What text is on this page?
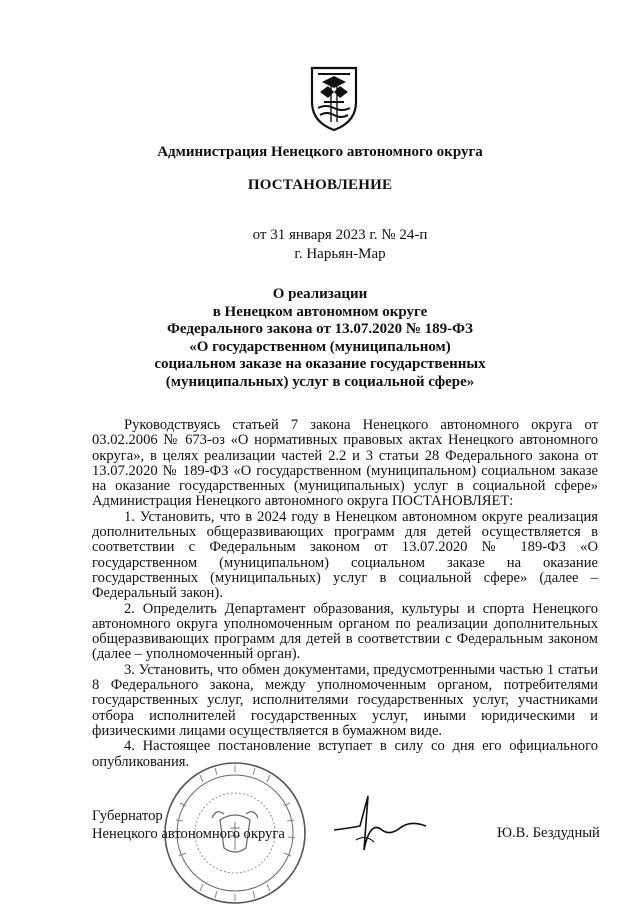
Администрация Ненецкого автономного округа
ПОСТАНОВЛЕНИЕ
от 31 января 2023 г. № 24-п
г. Нарьян-Мар
О реализации
в Ненецком автономном округе
Федерального закона от 13.07.2020 № 189-ФЗ
«О государственном (муниципальном)
социальном заказе на оказание государственных
(муниципальных) услуг в социальной сфере»

Руководствуясь статьей 7 закона Ненецкого автономного округа от 03.02.2006 № 673-оз «О нормативных правовых актах Ненецкого автономного округа», в целях реализации частей 2.2 и 3 статьи 28 Федерального закона от 13.07.2020 № 189-ФЗ «О государственном (муниципальном) социальном заказе на оказание государственных (муниципальных) услуг в социальной сфере» Администрация Ненецкого автономного округа ПОСТАНОВЛЯЕТ:

1. Установить, что в 2024 году в Ненецком автономном округе реализация дополнительных общеразвивающих программ для детей осуществляется в соответствии с Федеральным законом от 13.07.2020 № 189-ФЗ «О государственном (муниципальном) социальном заказе на оказание государственных (муниципальных) услуг в социальной сфере» (далее – Федеральный закон).

2. Определить Департамент образования, культуры и спорта Ненецкого автономного округа уполномоченным органом по реализации дополнительных общеразвивающих программ для детей в соответствии с Федеральным законом (далее – уполномоченный орган).

3. Установить, что обмен документами, предусмотренными частью 1 статьи 8 Федерального закона, между уполномоченным органом, потребителями государственных услуг, исполнителями государственных услуг, участниками отбора исполнителей государственных услуг, иными юридическими и физическими лицами осуществляется в бумажном виде.

4. Настоящее постановление вступает в силу со дня его официального опубликования.

Губернатор
Ненецкого автономного округа	Ю.В. Бездудный
